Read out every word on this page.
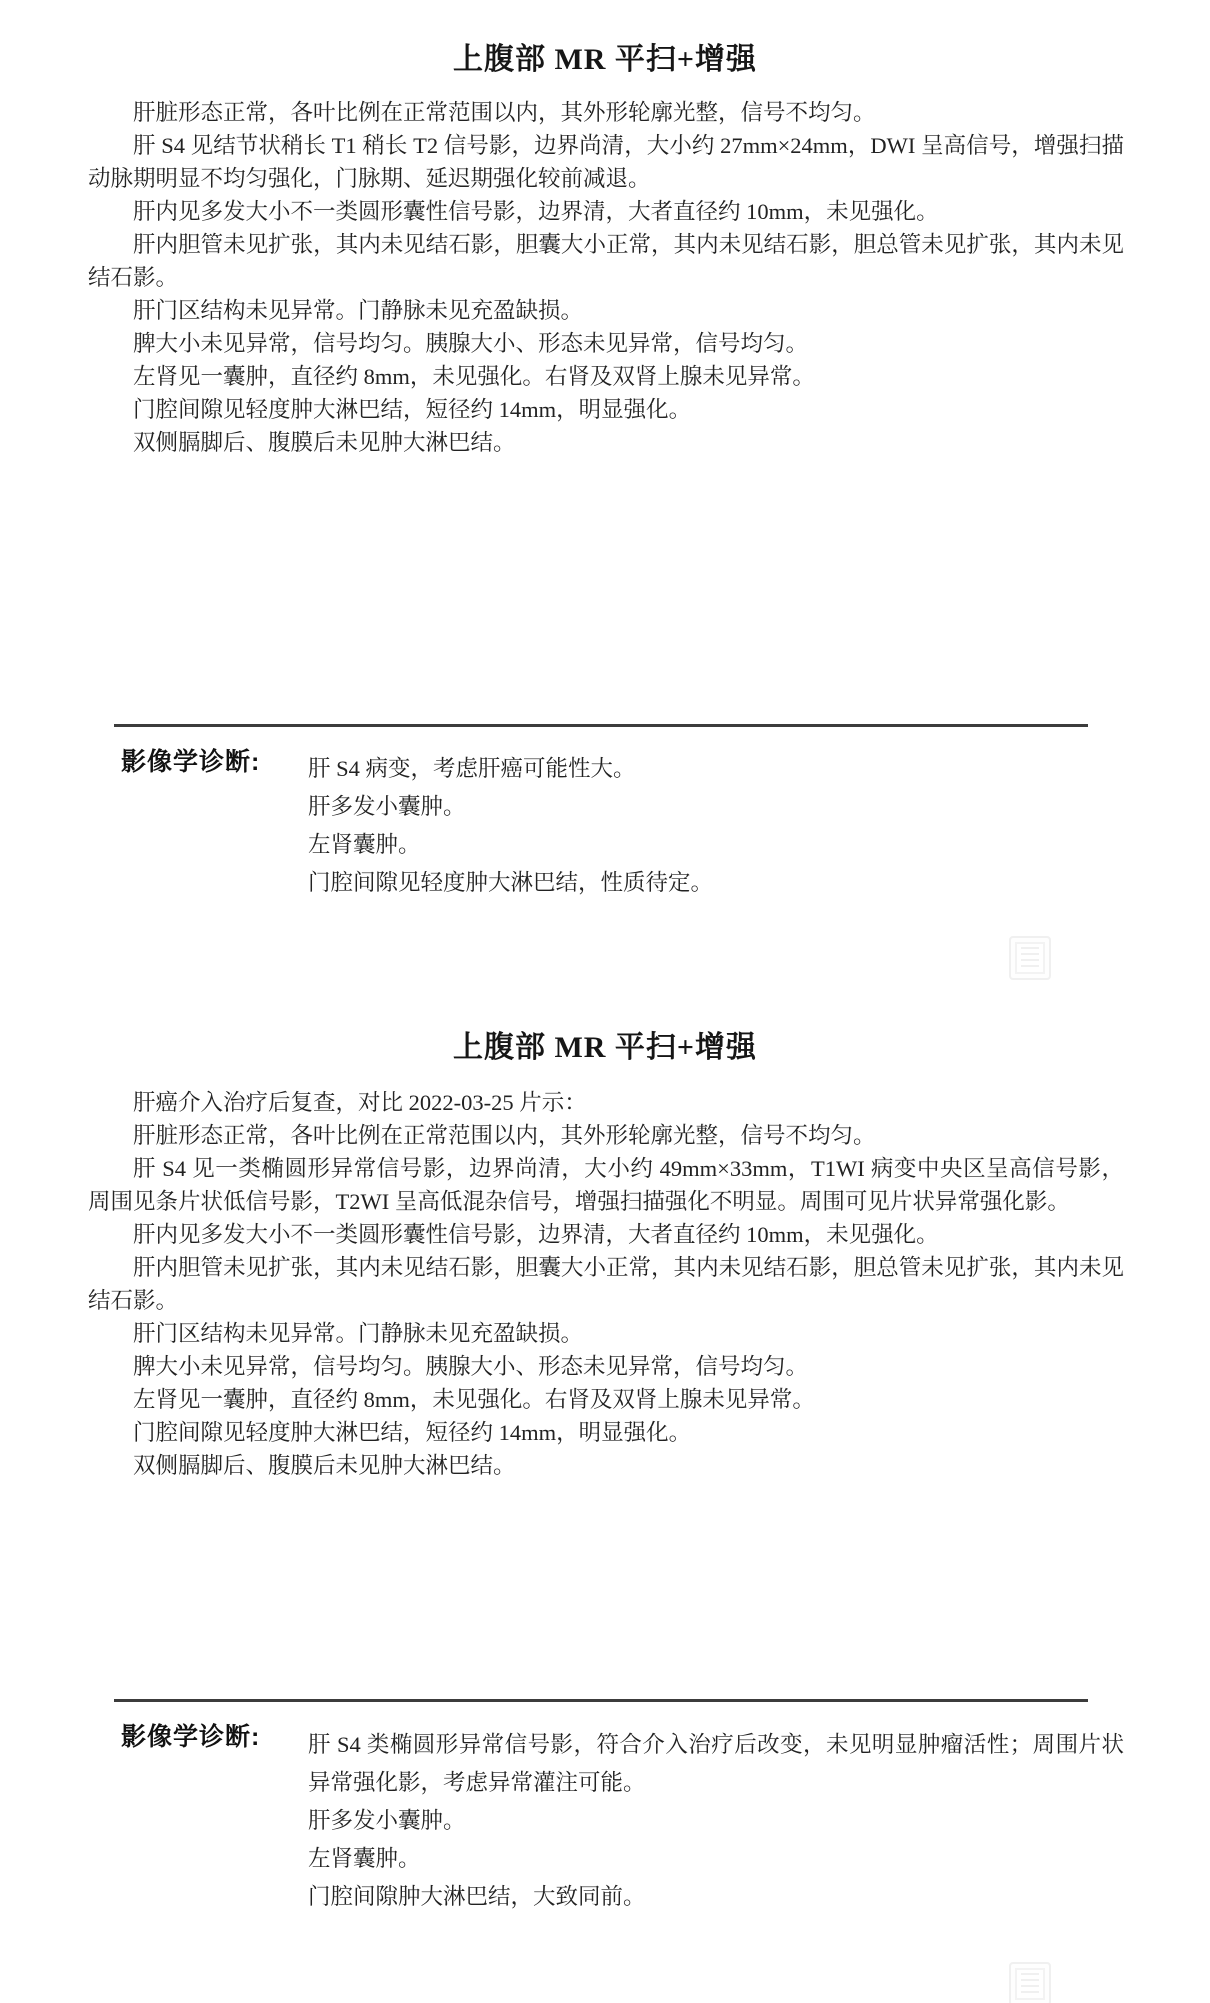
上腹部 MR 平扫+增强

肝脏形态正常，各叶比例在正常范围以内，其外形轮廓光整，信号不均匀。

肝 S4 见结节状稍长 T1 稍长 T2 信号影，边界尚清，大小约 27mm×24mm，DWI 呈高信号，增强扫描动脉期明显不均匀强化，门脉期、延迟期强化较前减退。

肝内见多发大小不一类圆形囊性信号影，边界清，大者直径约 10mm，未见强化。

肝内胆管未见扩张，其内未见结石影，胆囊大小正常，其内未见结石影，胆总管未见扩张，其内未见结石影。

肝门区结构未见异常。门静脉未见充盈缺损。

脾大小未见异常，信号均匀。胰腺大小、形态未见异常，信号均匀。

左肾见一囊肿，直径约 8mm，未见强化。右肾及双肾上腺未见异常。

门腔间隙见轻度肿大淋巴结，短径约 14mm，明显强化。

双侧膈脚后、腹膜后未见肿大淋巴结。

影像学诊断: 肝 S4 病变，考虑肝癌可能性大。
肝多发小囊肿。
左肾囊肿。
门腔间隙见轻度肿大淋巴结，性质待定。
上腹部 MR 平扫+增强

肝癌介入治疗后复查，对比 2022-03-25 片示：

肝脏形态正常，各叶比例在正常范围以内，其外形轮廓光整，信号不均匀。

肝 S4 见一类椭圆形异常信号影，边界尚清，大小约 49mm×33mm，T1WI 病变中央区呈高信号影，周围见条片状低信号影，T2WI 呈高低混杂信号，增强扫描强化不明显。周围可见片状异常强化影。

肝内见多发大小不一类圆形囊性信号影，边界清，大者直径约 10mm，未见强化。

肝内胆管未见扩张，其内未见结石影，胆囊大小正常，其内未见结石影，胆总管未见扩张，其内未见结石影。

肝门区结构未见异常。门静脉未见充盈缺损。

脾大小未见异常，信号均匀。胰腺大小、形态未见异常，信号均匀。

左肾见一囊肿，直径约 8mm，未见强化。右肾及双肾上腺未见异常。

门腔间隙见轻度肿大淋巴结，短径约 14mm，明显强化。

双侧膈脚后、腹膜后未见肿大淋巴结。

影像学诊断: 肝 S4 类椭圆形异常信号影，符合介入治疗后改变，未见明显肿瘤活性；周围片状异常强化影，考虑异常灌注可能。
肝多发小囊肿。
左肾囊肿。
门腔间隙肿大淋巴结，大致同前。
